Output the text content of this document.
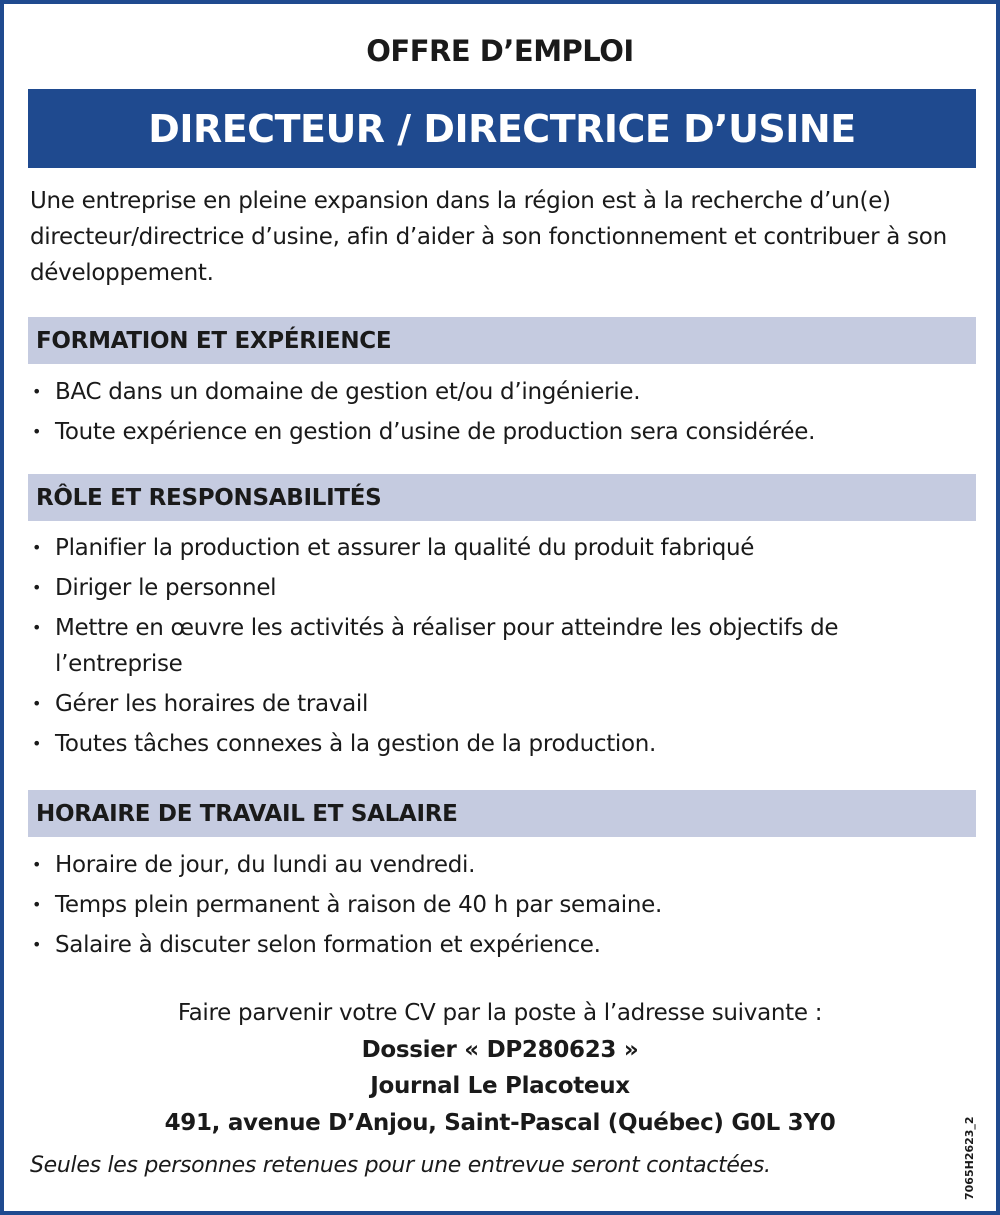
OFFRE D’EMPLOI
DIRECTEUR / DIRECTRICE D’USINE
Une entreprise en pleine expansion dans la région est à la recherche d’un(e) directeur/directrice d’usine, afin d’aider à son fonctionnement et contribuer à son développement.
FORMATION ET EXPÉRIENCE
• BAC dans un domaine de gestion et/ou d’ingénierie.
• Toute expérience en gestion d’usine de production sera considérée.
RÔLE ET RESPONSABILITÉS
• Planifier la production et assurer la qualité du produit fabriqué
• Diriger le personnel
• Mettre en œuvre les activités à réaliser pour atteindre les objectifs de l’entreprise
• Gérer les horaires de travail
• Toutes tâches connexes à la gestion de la production.
HORAIRE DE TRAVAIL ET SALAIRE
• Horaire de jour, du lundi au vendredi.
• Temps plein permanent à raison de 40 h par semaine.
• Salaire à discuter selon formation et expérience.
Faire parvenir votre CV par la poste à l’adresse suivante :
Dossier « DP280623 »
Journal Le Placoteux
491, avenue D’Anjou, Saint-Pascal (Québec) G0L 3Y0
Seules les personnes retenues pour une entrevue seront contactées.	7065H2623_2
